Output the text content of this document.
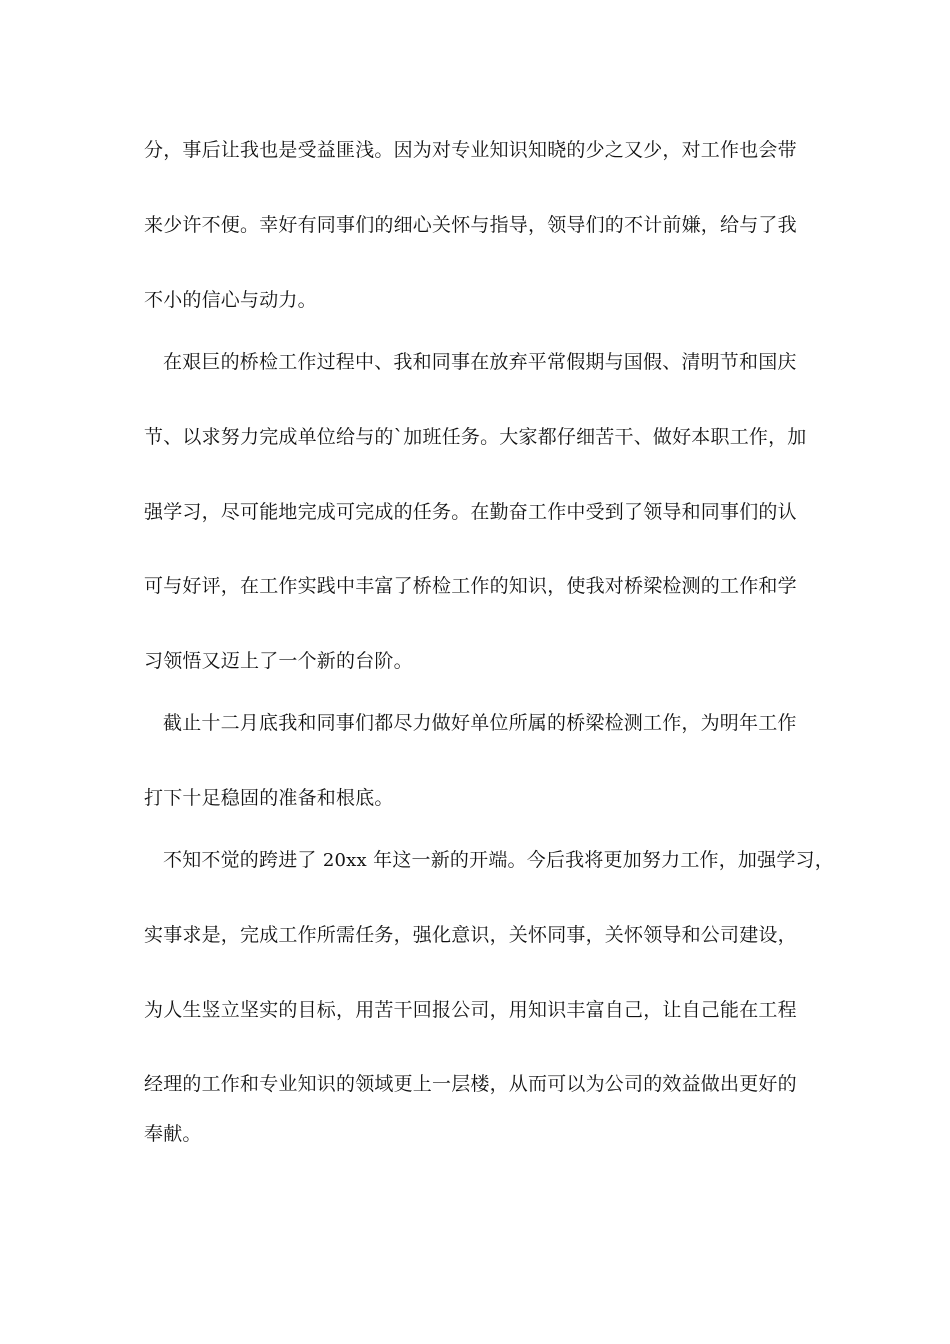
分，事后让我也是受益匪浅。因为对专业知识知晓的少之又少，对工作也会带
来少许不便。幸好有同事们的细心关怀与指导，领导们的不计前嫌，给与了我
不小的信心与动力。
在艰巨的桥检工作过程中、我和同事在放弃平常假期与国假、清明节和国庆
节、以求努力完成单位给与的`加班任务。大家都仔细苦干、做好本职工作，加
强学习，尽可能地完成可完成的任务。在勤奋工作中受到了领导和同事们的认
可与好评，在工作实践中丰富了桥检工作的知识，使我对桥梁检测的工作和学
习领悟又迈上了一个新的台阶。
截止十二月底我和同事们都尽力做好单位所属的桥梁检测工作，为明年工作
打下十足稳固的准备和根底。
不知不觉的跨进了 20xx 年这一新的开端。今后我将更加努力工作，加强学习，
实事求是，完成工作所需任务，强化意识，关怀同事，关怀领导和公司建设，
为人生竖立坚实的目标，用苦干回报公司，用知识丰富自己，让自己能在工程
经理的工作和专业知识的领域更上一层楼，从而可以为公司的效益做出更好的
奉献。
